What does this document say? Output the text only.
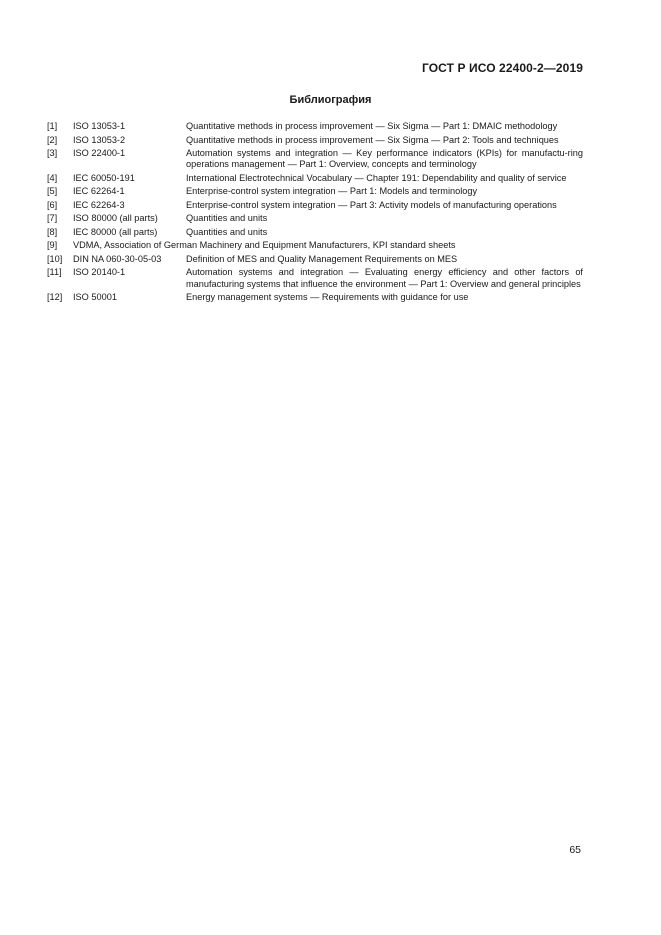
ГОСТ Р ИСО 22400-2—2019
Библиография
[1] ISO 13053-1	Quantitative methods in process improvement — Six Sigma — Part 1: DMAIC methodology
[2] ISO 13053-2	Quantitative methods in process improvement — Six Sigma — Part 2: Tools and techniques
[3] ISO 22400-1	Automation systems and integration — Key performance indicators (KPIs) for manufactu-ring operations management — Part 1: Overview, concepts and terminology
[4] IEC 60050-191	International Electrotechnical Vocabulary — Chapter 191: Dependability and quality of service
[5] IEC 62264-1	Enterprise-control system integration — Part 1: Models and terminology
[6] IEC 62264-3	Enterprise-control system integration — Part 3: Activity models of manufacturing operations
[7] ISO 80000 (all parts)	Quantities and units
[8] IEC 80000 (all parts)	Quantities and units
[9] VDMA, Association of German Machinery and Equipment Manufacturers, KPI standard sheets
[10] DIN NA 060-30-05-03	Definition of MES and Quality Management Requirements on MES
[11] ISO 20140-1	Automation systems and integration — Evaluating energy efficiency and other factors of manufacturing systems that influence the environment — Part 1: Overview and general principles
[12] ISO 50001	Energy management systems — Requirements with guidance for use
65
